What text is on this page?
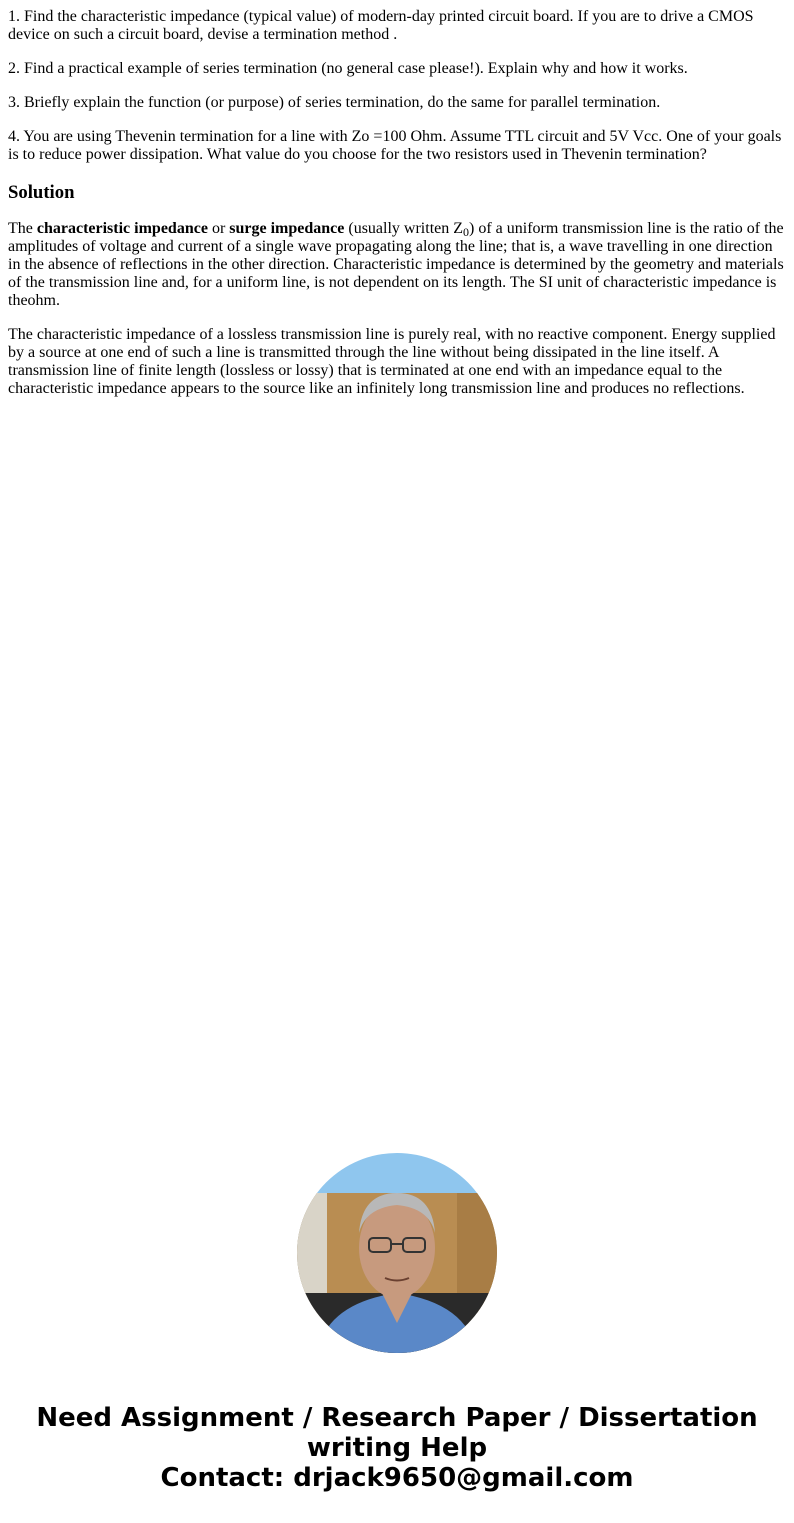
1. Find the characteristic impedance (typical value) of modern-day printed circuit board. If you are to drive a CMOS device on such a circuit board, devise a termination method .
2. Find a practical example of series termination (no general case please!). Explain why and how it works.
3. Briefly explain the function (or purpose) of series termination, do the same for parallel termination.
4. You are using Thevenin termination for a line with Zo =100 Ohm. Assume TTL circuit and 5V Vcc. One of your goals is to reduce power dissipation. What value do you choose for the two resistors used in Thevenin termination?
Solution
The characteristic impedance or surge impedance (usually written $Z_0$) of a uniform transmission line is the ratio of the amplitudes of voltage and current of a single wave propagating along the line; that is, a wave travelling in one direction in the absence of reflections in the other direction. Characteristic impedance is determined by the geometry and materials of the transmission line and, for a uniform line, is not dependent on its length. The SI unit of characteristic impedance is theohm.
The characteristic impedance of a lossless transmission line is purely real, with no reactive component. Energy supplied by a source at one end of such a line is transmitted through the line without being dissipated in the line itself. A transmission line of finite length (lossless or lossy) that is terminated at one end with an impedance equal to the characteristic impedance appears to the source like an infinitely long transmission line and produces no reflections.
Need Assignment / Research Paper / Dissertation
writing Help
Contact: drjack9650@gmail.com
